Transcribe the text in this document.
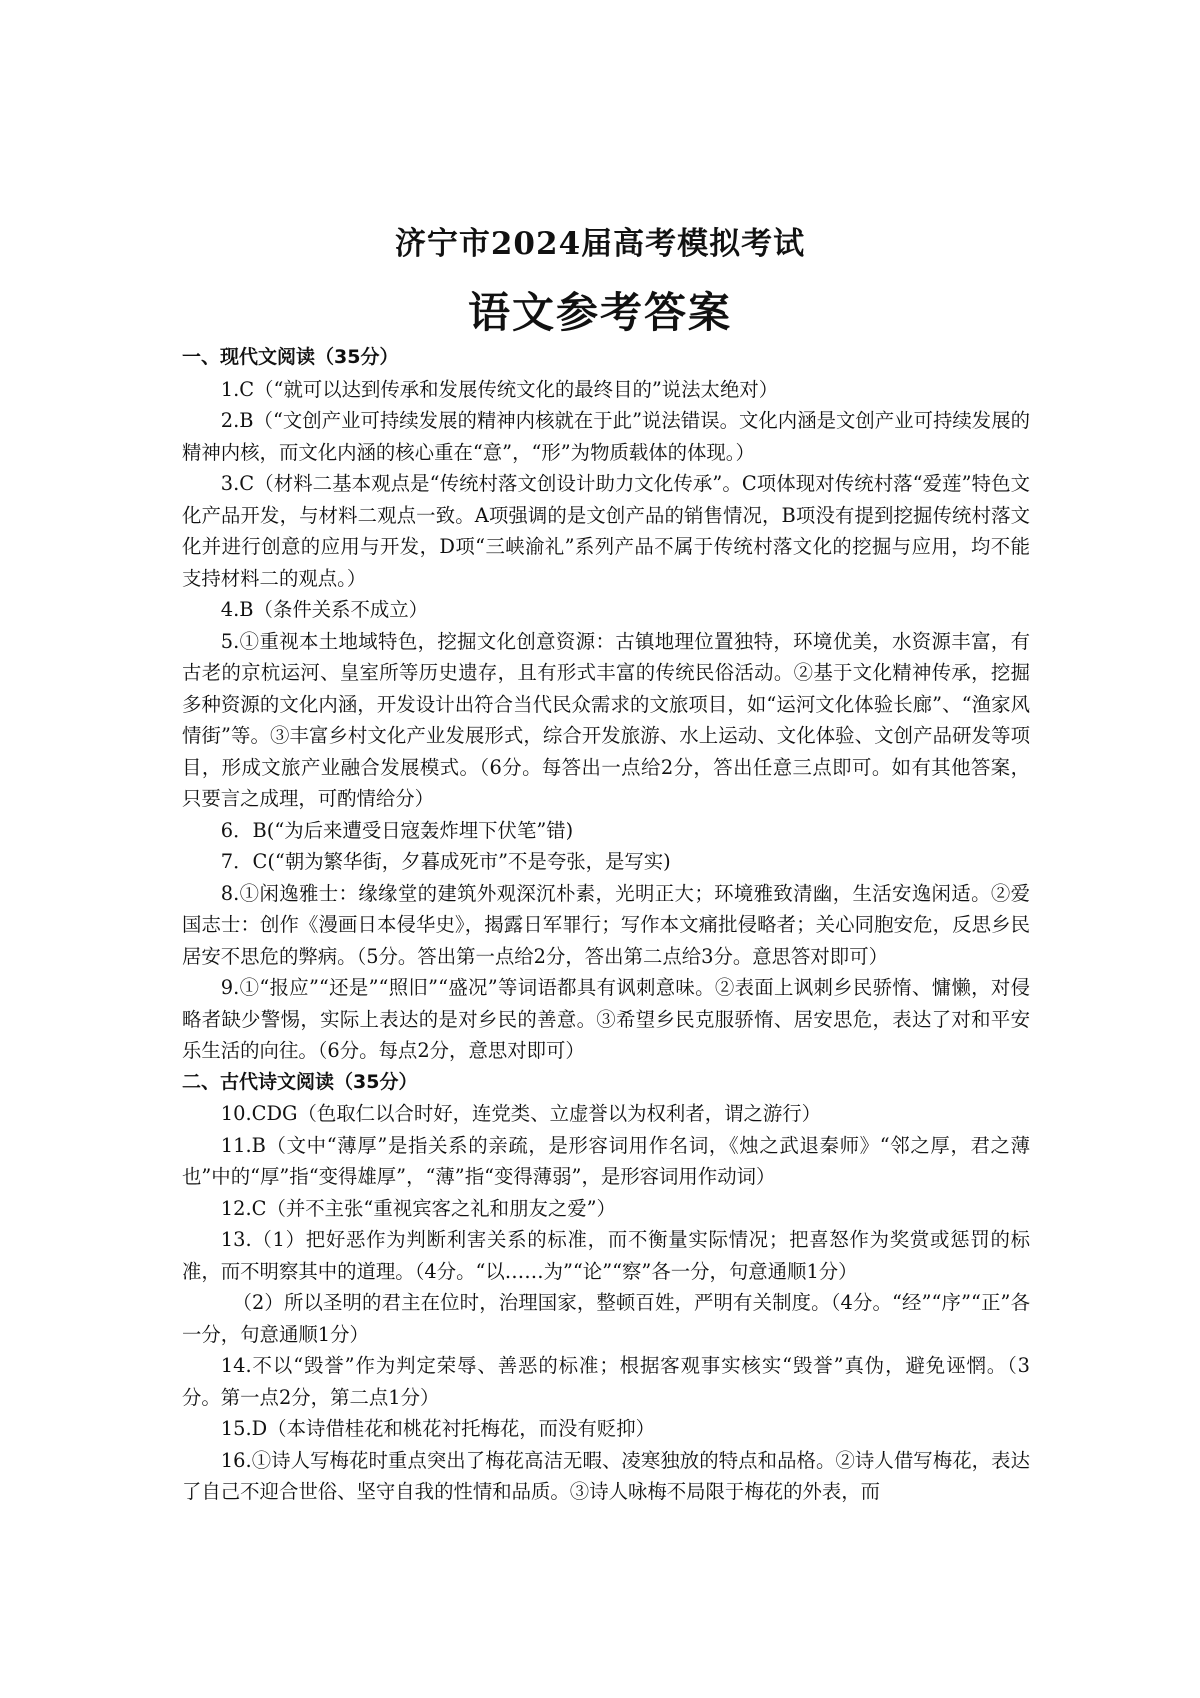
济宁市2024届高考模拟考试
语文参考答案
一、现代文阅读（35分）
1.C（“就可以达到传承和发展传统文化的最终目的”说法太绝对）
2.B（“文创产业可持续发展的精神内核就在于此”说法错误。文化内涵是文创产业可持续发展的精神内核，而文化内涵的核心重在“意”，“形”为物质载体的体现。）
3.C（材料二基本观点是“传统村落文创设计助力文化传承”。C项体现对传统村落“爱莲”特色文化产品开发，与材料二观点一致。A项强调的是文创产品的销售情况，B项没有提到挖掘传统村落文化并进行创意的应用与开发，D项“三峡渝礼”系列产品不属于传统村落文化的挖掘与应用，均不能支持材料二的观点。）
4.B（条件关系不成立）
5.①重视本土地域特色，挖掘文化创意资源：古镇地理位置独特，环境优美，水资源丰富，有古老的京杭运河、皇室所等历史遗存，且有形式丰富的传统民俗活动。②基于文化精神传承，挖掘多种资源的文化内涵，开发设计出符合当代民众需求的文旅项目，如“运河文化体验长廊”、“渔家风情街”等。③丰富乡村文化产业发展形式，综合开发旅游、水上运动、文化体验、文创产品研发等项目，形成文旅产业融合发展模式。（6分。每答出一点给2分，答出任意三点即可。如有其他答案，只要言之成理，可酌情给分）
6．B(“为后来遭受日寇轰炸埋下伏笔”错)
7．C(“朝为繁华街，夕暮成死市”不是夸张，是写实)
8.①闲逸雅士：缘缘堂的建筑外观深沉朴素，光明正大；环境雅致清幽，生活安逸闲适。②爱国志士：创作《漫画日本侵华史》，揭露日军罪行；写作本文痛批侵略者；关心同胞安危，反思乡民居安不思危的弊病。（5分。答出第一点给2分，答出第二点给3分。意思答对即可）
9.①“报应”“还是”“照旧”“盛况”等词语都具有讽刺意味。②表面上讽刺乡民骄惰、慵懒，对侵略者缺少警惕，实际上表达的是对乡民的善意。③希望乡民克服骄惰、居安思危，表达了对和平安乐生活的向往。（6分。每点2分，意思对即可）
二、古代诗文阅读（35分）
10.CDG（色取仁以合时好，连党类、立虚誉以为权利者，谓之游行）
11.B（文中“薄厚”是指关系的亲疏，是形容词用作名词，《烛之武退秦师》“邻之厚，君之薄也”中的“厚”指“变得雄厚”，“薄”指“变得薄弱”，是形容词用作动词）
12.C（并不主张“重视宾客之礼和朋友之爱”）
13.（1）把好恶作为判断利害关系的标准，而不衡量实际情况；把喜怒作为奖赏或惩罚的标准，而不明察其中的道理。（4分。“以……为”“论”“察”各一分，句意通顺1分）
（2）所以圣明的君主在位时，治理国家，整顿百姓，严明有关制度。（4分。“经”“序”“正”各一分，句意通顺1分）
14.不以“毁誉”作为判定荣辱、善恶的标准；根据客观事实核实“毁誉”真伪，避免诬惘。（3分。第一点2分，第二点1分）
15.D（本诗借桂花和桃花衬托梅花，而没有贬抑）
16.①诗人写梅花时重点突出了梅花高洁无暇、凌寒独放的特点和品格。②诗人借写梅花，表达了自己不迎合世俗、坚守自我的性情和品质。③诗人咏梅不局限于梅花的外表，而
